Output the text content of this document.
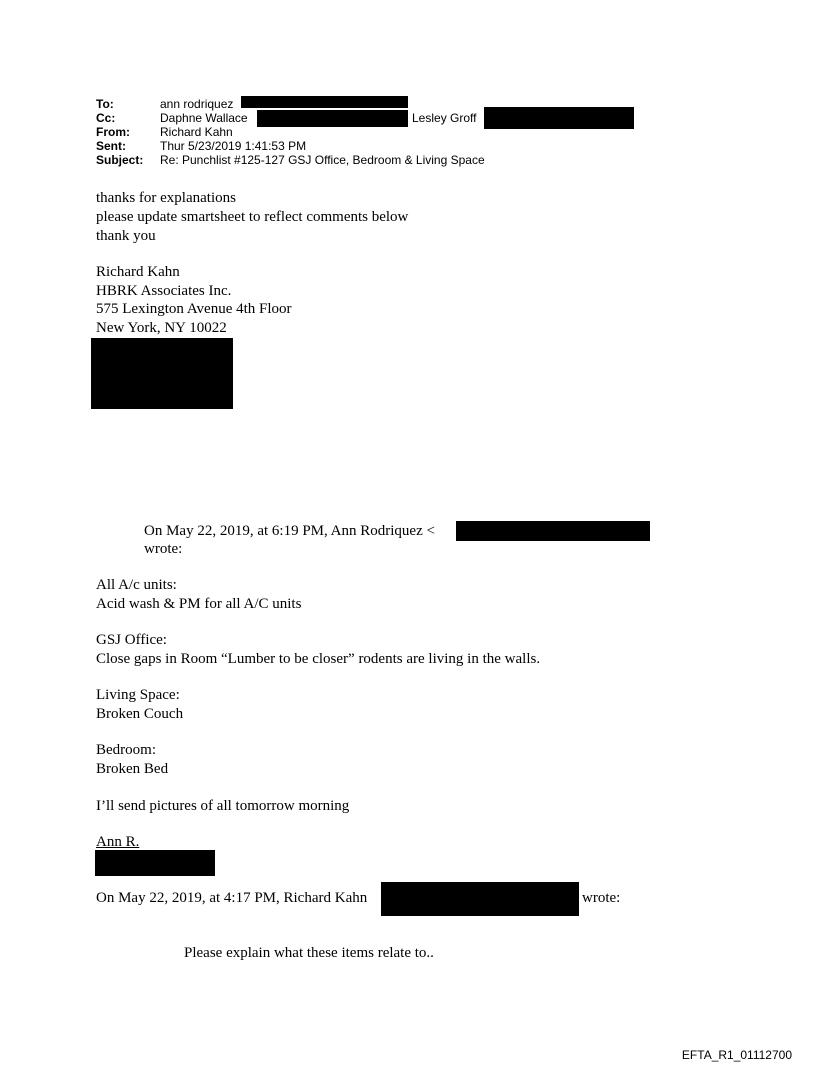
To:	ann rodriquez
Cc:	Daphne Wallace	Lesley Groff
From:	Richard Kahn
Sent:	Thur 5/23/2019 1:41:53 PM
Subject: Re: Punchlist #125-127 GSJ Office, Bedroom & Living Space
thanks for explanations
please update smartsheet to reflect comments below
thank you
Richard Kahn
HBRK Associates Inc.
575 Lexington Avenue 4th Floor
New York, NY 10022
On May 22, 2019, at 6:19 PM, Ann Rodriquez <
wrote:
All A/c units:
Acid wash & PM for all A/C units
GSJ Office:
Close gaps in Room “Lumber to be closer” rodents are living in the walls.
Living Space:
Broken Couch
Bedroom:
Broken Bed
I’ll send pictures of all tomorrow morning
Ann R.
On May 22, 2019, at 4:17 PM, Richard Kahn	wrote:
Please explain what these items relate to..
EFTA_R1_01112700
